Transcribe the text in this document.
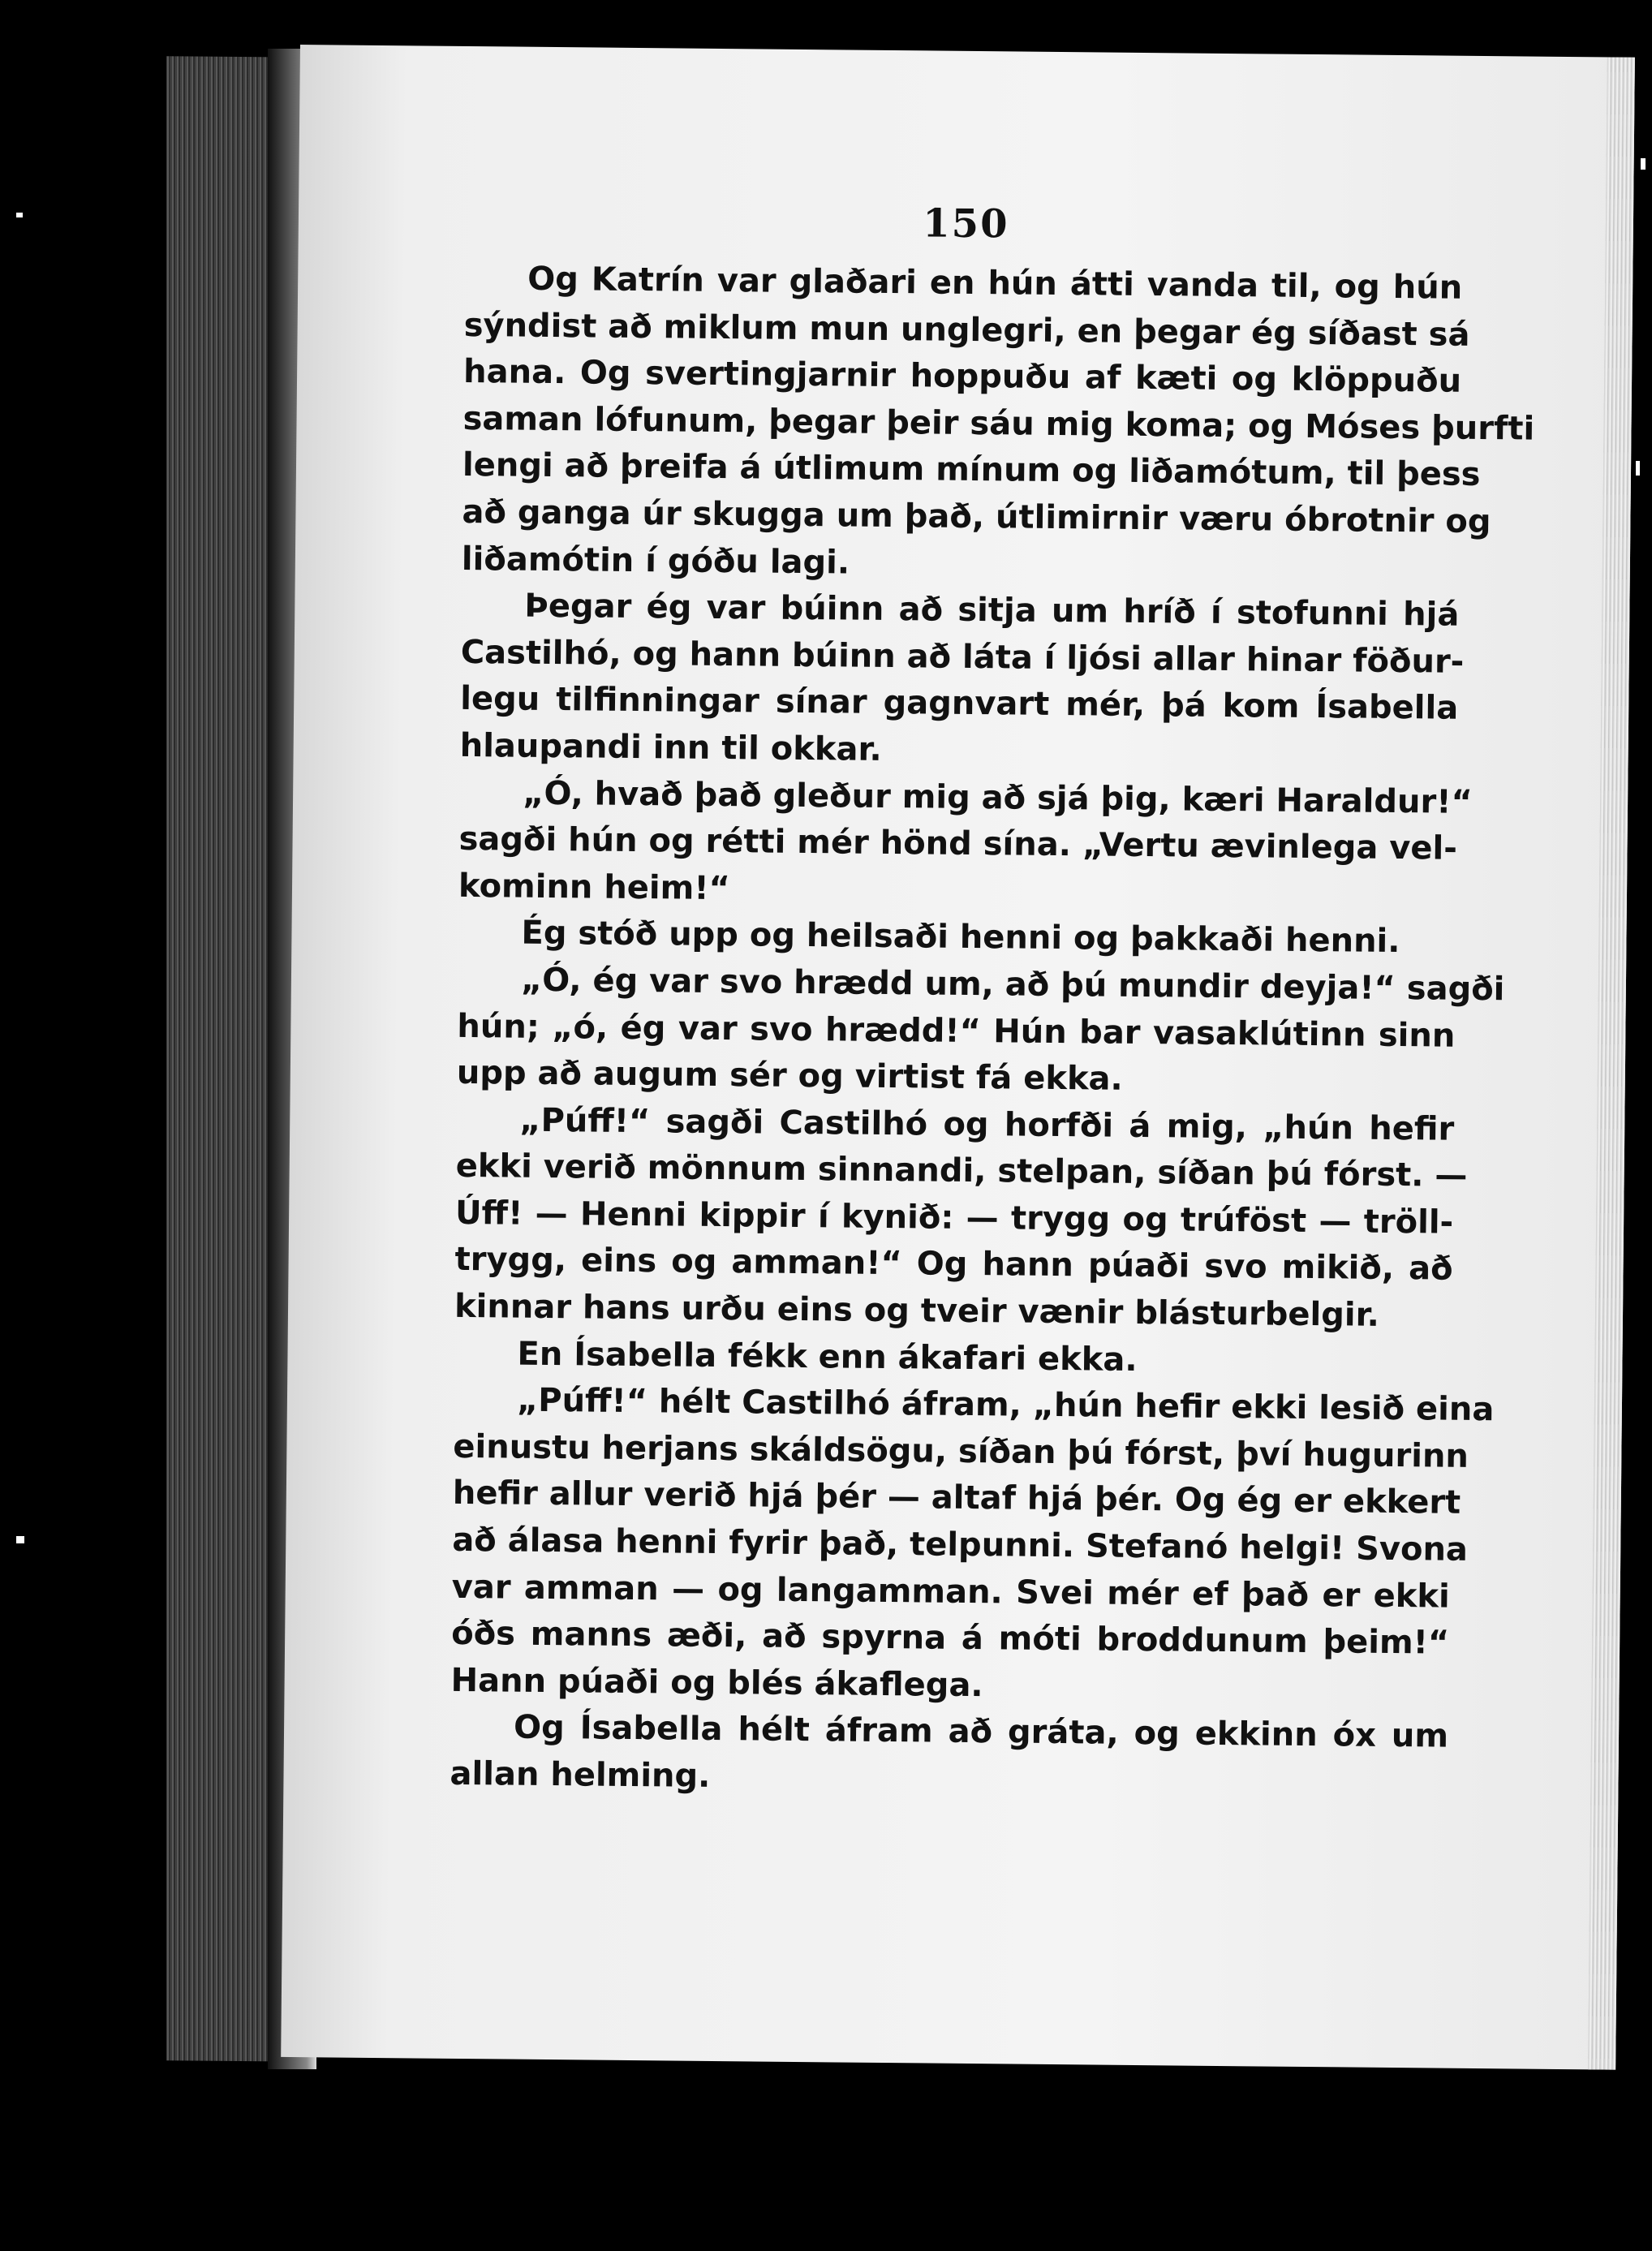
150
Og Katrín var glaðari en hún átti vanda til, og hún
sýndist að miklum mun unglegri, en þegar ég síðast sá
hana. Og svertingjarnir hoppuðu af kæti og klöppuðu
saman lófunum, þegar þeir sáu mig koma; og Móses þurfti
lengi að þreifa á útlimum mínum og liðamótum, til þess
að ganga úr skugga um það, útlimirnir væru óbrotnir og
liðamótin í góðu lagi.
Þegar ég var búinn að sitja um hríð í stofunni hjá
Castilhó, og hann búinn að láta í ljósi allar hinar föður-
legu tilfinningar sínar gagnvart mér, þá kom Ísabella
hlaupandi inn til okkar.
„Ó, hvað það gleður mig að sjá þig, kæri Haraldur!“
sagði hún og rétti mér hönd sína. „Vertu ævinlega vel-
kominn heim!“
Ég stóð upp og heilsaði henni og þakkaði henni.
„Ó, ég var svo hrædd um, að þú mundir deyja!“ sagði
hún; „ó, ég var svo hrædd!“ Hún bar vasaklútinn sinn
upp að augum sér og virtist fá ekka.
„Púff!“ sagði Castilhó og horfði á mig, „hún hefir
ekki verið mönnum sinnandi, stelpan, síðan þú fórst. —
Úff! — Henni kippir í kynið: — trygg og trúföst — tröll-
trygg, eins og amman!“ Og hann púaði svo mikið, að
kinnar hans urðu eins og tveir vænir blásturbelgir.
En Ísabella fékk enn ákafari ekka.
„Púff!“ hélt Castilhó áfram, „hún hefir ekki lesið eina
einustu herjans skáldsögu, síðan þú fórst, því hugurinn
hefir allur verið hjá þér — altaf hjá þér. Og ég er ekkert
að álasa henni fyrir það, telpunni. Stefanó helgi! Svona
var amman — og langamman. Svei mér ef það er ekki
óðs manns æði, að spyrna á móti broddunum þeim!“
Hann púaði og blés ákaflega.
Og Ísabella hélt áfram að gráta, og ekkinn óx um
allan helming.
